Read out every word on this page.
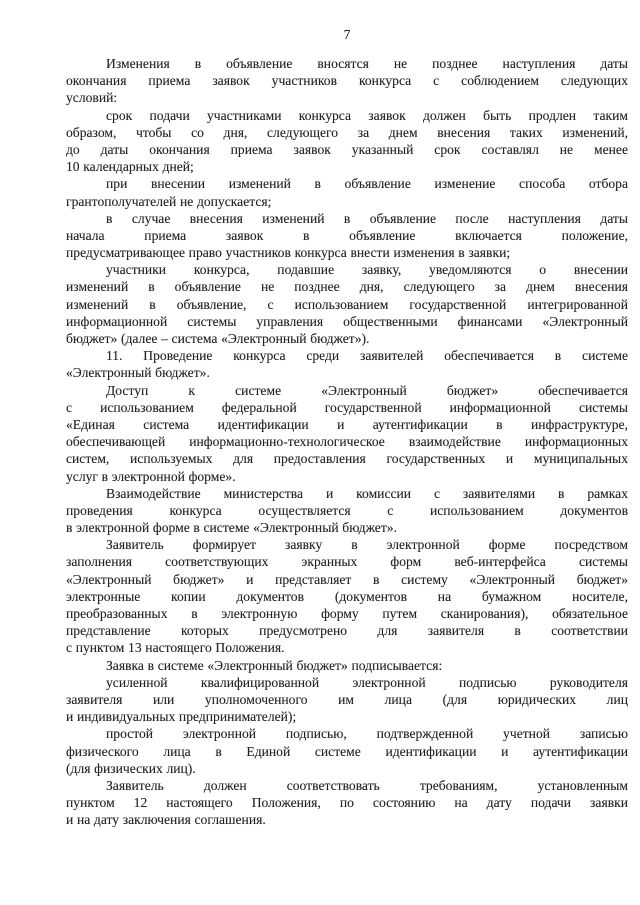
7
Изменения в объявление вносятся не позднее наступления даты
окончания приема заявок участников конкурса с соблюдением следующих
условий:
срок подачи участниками конкурса заявок должен быть продлен таким
образом, чтобы со дня, следующего за днем внесения таких изменений,
до даты окончания приема заявок указанный срок составлял не менее
10 календарных дней;
при внесении изменений в объявление изменение способа отбора
грантополучателей не допускается;
в случае внесения изменений в объявление после наступления даты
начала приема заявок в объявление включается положение,
предусматривающее право участников конкурса внести изменения в заявки;
участники конкурса, подавшие заявку, уведомляются о внесении
изменений в объявление не позднее дня, следующего за днем внесения
изменений в объявление, с использованием государственной интегрированной
информационной системы управления общественными финансами «Электронный
бюджет» (далее – система «Электронный бюджет»).
11. Проведение конкурса среди заявителей обеспечивается в системе
«Электронный бюджет».
Доступ к системе «Электронный бюджет» обеспечивается
с использованием федеральной государственной информационной системы
«Единая система идентификации и аутентификации в инфраструктуре,
обеспечивающей информационно-технологическое взаимодействие информационных
систем, используемых для предоставления государственных и муниципальных
услуг в электронной форме».
Взаимодействие министерства и комиссии с заявителями в рамках
проведения конкурса осуществляется с использованием документов
в электронной форме в системе «Электронный бюджет».
Заявитель формирует заявку в электронной форме посредством
заполнения соответствующих экранных форм веб-интерфейса системы
«Электронный бюджет» и представляет в систему «Электронный бюджет»
электронные копии документов (документов на бумажном носителе,
преобразованных в электронную форму путем сканирования), обязательное
представление которых предусмотрено для заявителя в соответствии
с пунктом 13 настоящего Положения.
Заявка в системе «Электронный бюджет» подписывается:
усиленной квалифицированной электронной подписью руководителя
заявителя или уполномоченного им лица (для юридических лиц
и индивидуальных предпринимателей);
простой электронной подписью, подтвержденной учетной записью
физического лица в Единой системе идентификации и аутентификации
(для физических лиц).
Заявитель должен соответствовать требованиям, установленным
пунктом 12 настоящего Положения, по состоянию на дату подачи заявки
и на дату заключения соглашения.
